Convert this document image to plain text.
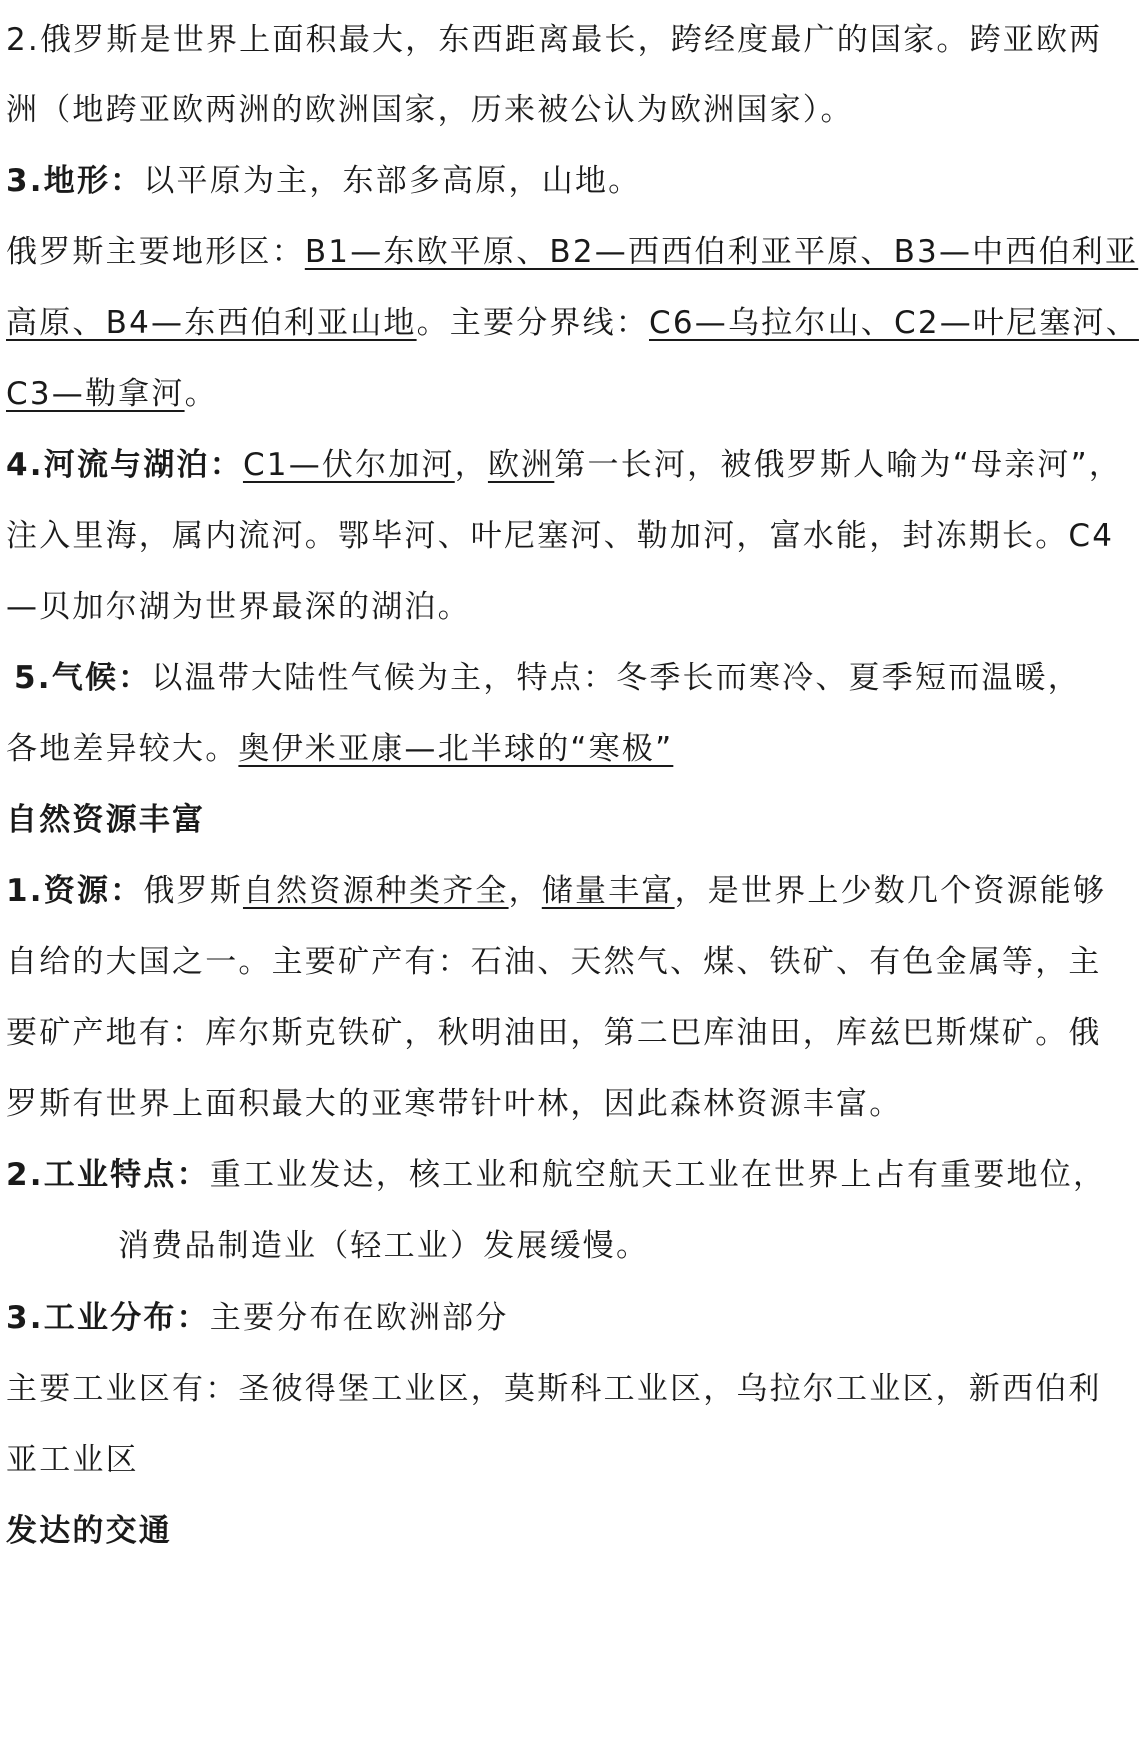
2.俄罗斯是世界上面积最大，东西距离最长，跨经度最广的国家。跨亚欧两
洲（地跨亚欧两洲的欧洲国家，历来被公认为欧洲国家）。
3.地形：以平原为主，东部多高原，山地。
俄罗斯主要地形区：B1—东欧平原、B2—西西伯利亚平原、B3—中西伯利亚
高原、B4—东西伯利亚山地。主要分界线：C6—乌拉尔山、C2—叶尼塞河、
C3—勒拿河。
4.河流与湖泊：C1—伏尔加河，欧洲第一长河，被俄罗斯人喻为“母亲河”，
注入里海，属内流河。鄂毕河、叶尼塞河、勒加河，富水能，封冻期长。C4
—贝加尔湖为世界最深的湖泊。
5.气候：以温带大陆性气候为主，特点：冬季长而寒冷、夏季短而温暖，
各地差异较大。奥伊米亚康—北半球的“寒极”
自然资源丰富
1.资源：俄罗斯自然资源种类齐全，储量丰富，是世界上少数几个资源能够
自给的大国之一。主要矿产有：石油、天然气、煤、铁矿、有色金属等，主
要矿产地有：库尔斯克铁矿，秋明油田，第二巴库油田，库兹巴斯煤矿。俄
罗斯有世界上面积最大的亚寒带针叶林，因此森林资源丰富。
2.工业特点：重工业发达，核工业和航空航天工业在世界上占有重要地位，
消费品制造业（轻工业）发展缓慢。
3.工业分布：主要分布在欧洲部分
主要工业区有：圣彼得堡工业区，莫斯科工业区，乌拉尔工业区，新西伯利
亚工业区
发达的交通
